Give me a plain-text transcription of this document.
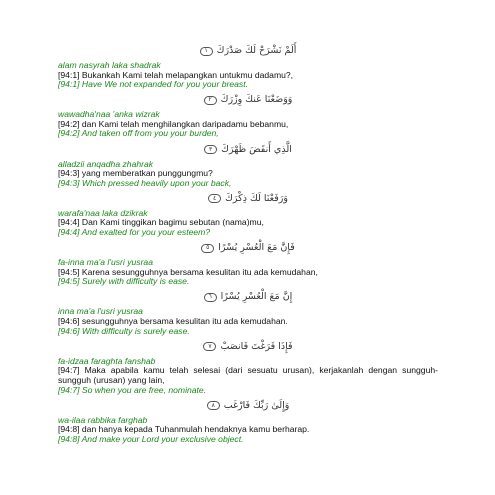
أَلَمْ نَشْرَحْ لَكَ صَدْرَكَ
١

alam nasyrah laka shadrak

[94:1] Bukankah Kami telah melapangkan untukmu dadamu?,

[94:1] Have We not expanded for you your breast.

وَوَضَعْنَا عَنكَ وِزْرَكَ
٢

wawadha'naa 'anka wizrak

[94:2] dan Kami telah menghilangkan daripadamu bebanmu,

[94:2] And taken off from you your burden,

الَّذِي أَنقَضَ ظَهْرَكَ
٣

alladzii anqadha zhahrak

[94:3] yang memberatkan punggungmu?

[94:3] Which pressed heavily upon your back,

وَرَفَعْنَا لَكَ ذِكْرَكَ
٤

warafa'naa laka dzikrak

[94:4] Dan Kami tinggikan bagimu sebutan (nama)mu,

[94:4] And exalted for you your esteem?

فَإِنَّ مَعَ الْعُسْرِ يُسْرًا
٥

fa-inna ma'a l'usri yusraa

[94:5] Karena sesungguhnya bersama kesulitan itu ada kemudahan,

[94:5] Surely with difficulty is ease.

إِنَّ مَعَ الْعُسْرِ يُسْرًا
٦

inna ma'a l'usri yusraa

[94:6] sesungguhnya bersama kesulitan itu ada kemudahan.

[94:6] With difficulty is surely ease.

فَإِذَا فَرَغْتَ فَانصَبْ
٧

fa-idzaa faraghta fanshab

[94:7] Maka apabila kamu telah selesai (dari sesuatu urusan), kerjakanlah dengan sungguh-sungguh (urusan) yang lain,

[94:7] So when you are free, nominate.

وَإِلَىٰ رَبِّكَ فَارْغَب
٨

wa-ilaa rabbika farghab

[94:8] dan hanya kepada Tuhanmulah hendaknya kamu berharap.

[94:8] And make your Lord your exclusive object.
